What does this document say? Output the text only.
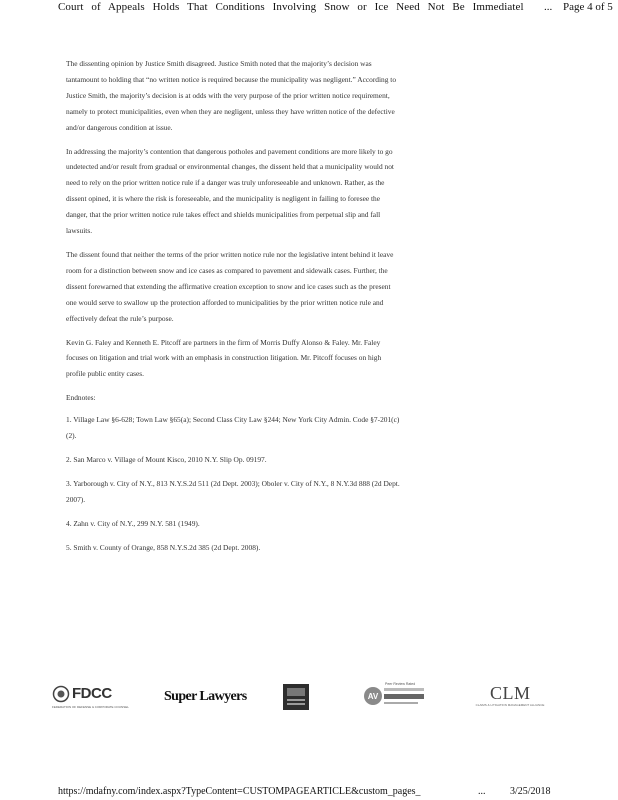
Court of Appeals Holds That Conditions Involving Snow or Ice Need Not Be Immediatel ... Page 4 of 5

The dissenting opinion by Justice Smith disagreed. Justice Smith noted that the majority’s decision was tantamount to holding that “no written notice is required because the municipality was negligent.” According to Justice Smith, the majority’s decision is at odds with the very purpose of the prior written notice requirement, namely to protect municipalities, even when they are negligent, unless they have written notice of the defective and/or dangerous condition at issue.

In addressing the majority’s contention that dangerous potholes and pavement conditions are more likely to go undetected and/or result from gradual or environmental changes, the dissent held that a municipality would not need to rely on the prior written notice rule if a danger was truly unforeseeable and unknown. Rather, as the dissent opined, it is where the risk is foreseeable, and the municipality is negligent in failing to foresee the danger, that the prior written notice rule takes effect and shields municipalities from perpetual slip and fall lawsuits.

The dissent found that neither the terms of the prior written notice rule nor the legislative intent behind it leave room for a distinction between snow and ice cases as compared to pavement and sidewalk cases. Further, the dissent forewarned that extending the affirmative creation exception to snow and ice cases such as the present one would serve to swallow up the protection afforded to municipalities by the prior written notice rule and effectively defeat the rule’s purpose.

Kevin G. Faley and Kenneth E. Pitcoff are partners in the firm of Morris Duffy Alonso & Faley. Mr. Faley focuses on litigation and trial work with an emphasis in construction litigation. Mr. Pitcoff focuses on high profile public entity cases.

Endnotes:

1. Village Law §6-628; Town Law §65(a); Second Class City Law §244; New York City Admin. Code §7-201(c)(2).

2. San Marco v. Village of Mount Kisco, 2010 N.Y. Slip Op. 09197.

3. Yarborough v. City of N.Y., 813 N.Y.S.2d 511 (2d Dept. 2003); Oboler v. City of N.Y., 8 N.Y.3d 888 (2d Dept. 2007).

4. Zahn v. City of N.Y., 299 N.Y. 581 (1949).

5. Smith v. County of Orange, 858 N.Y.S.2d 385 (2d Dept. 2008).

FDCC
FEDERATION OF DEFENSE & CORPORATE COUNSEL
Super Lawyers	AV
Peer Review Rated	CLM
CLAIMS & LITIGATION MANAGEMENT ALLIANCE
https://mdafny.com/index.aspx?TypeContent=CUSTOMPAGEARTICLE&custom_pages_	... 3/25/2018
